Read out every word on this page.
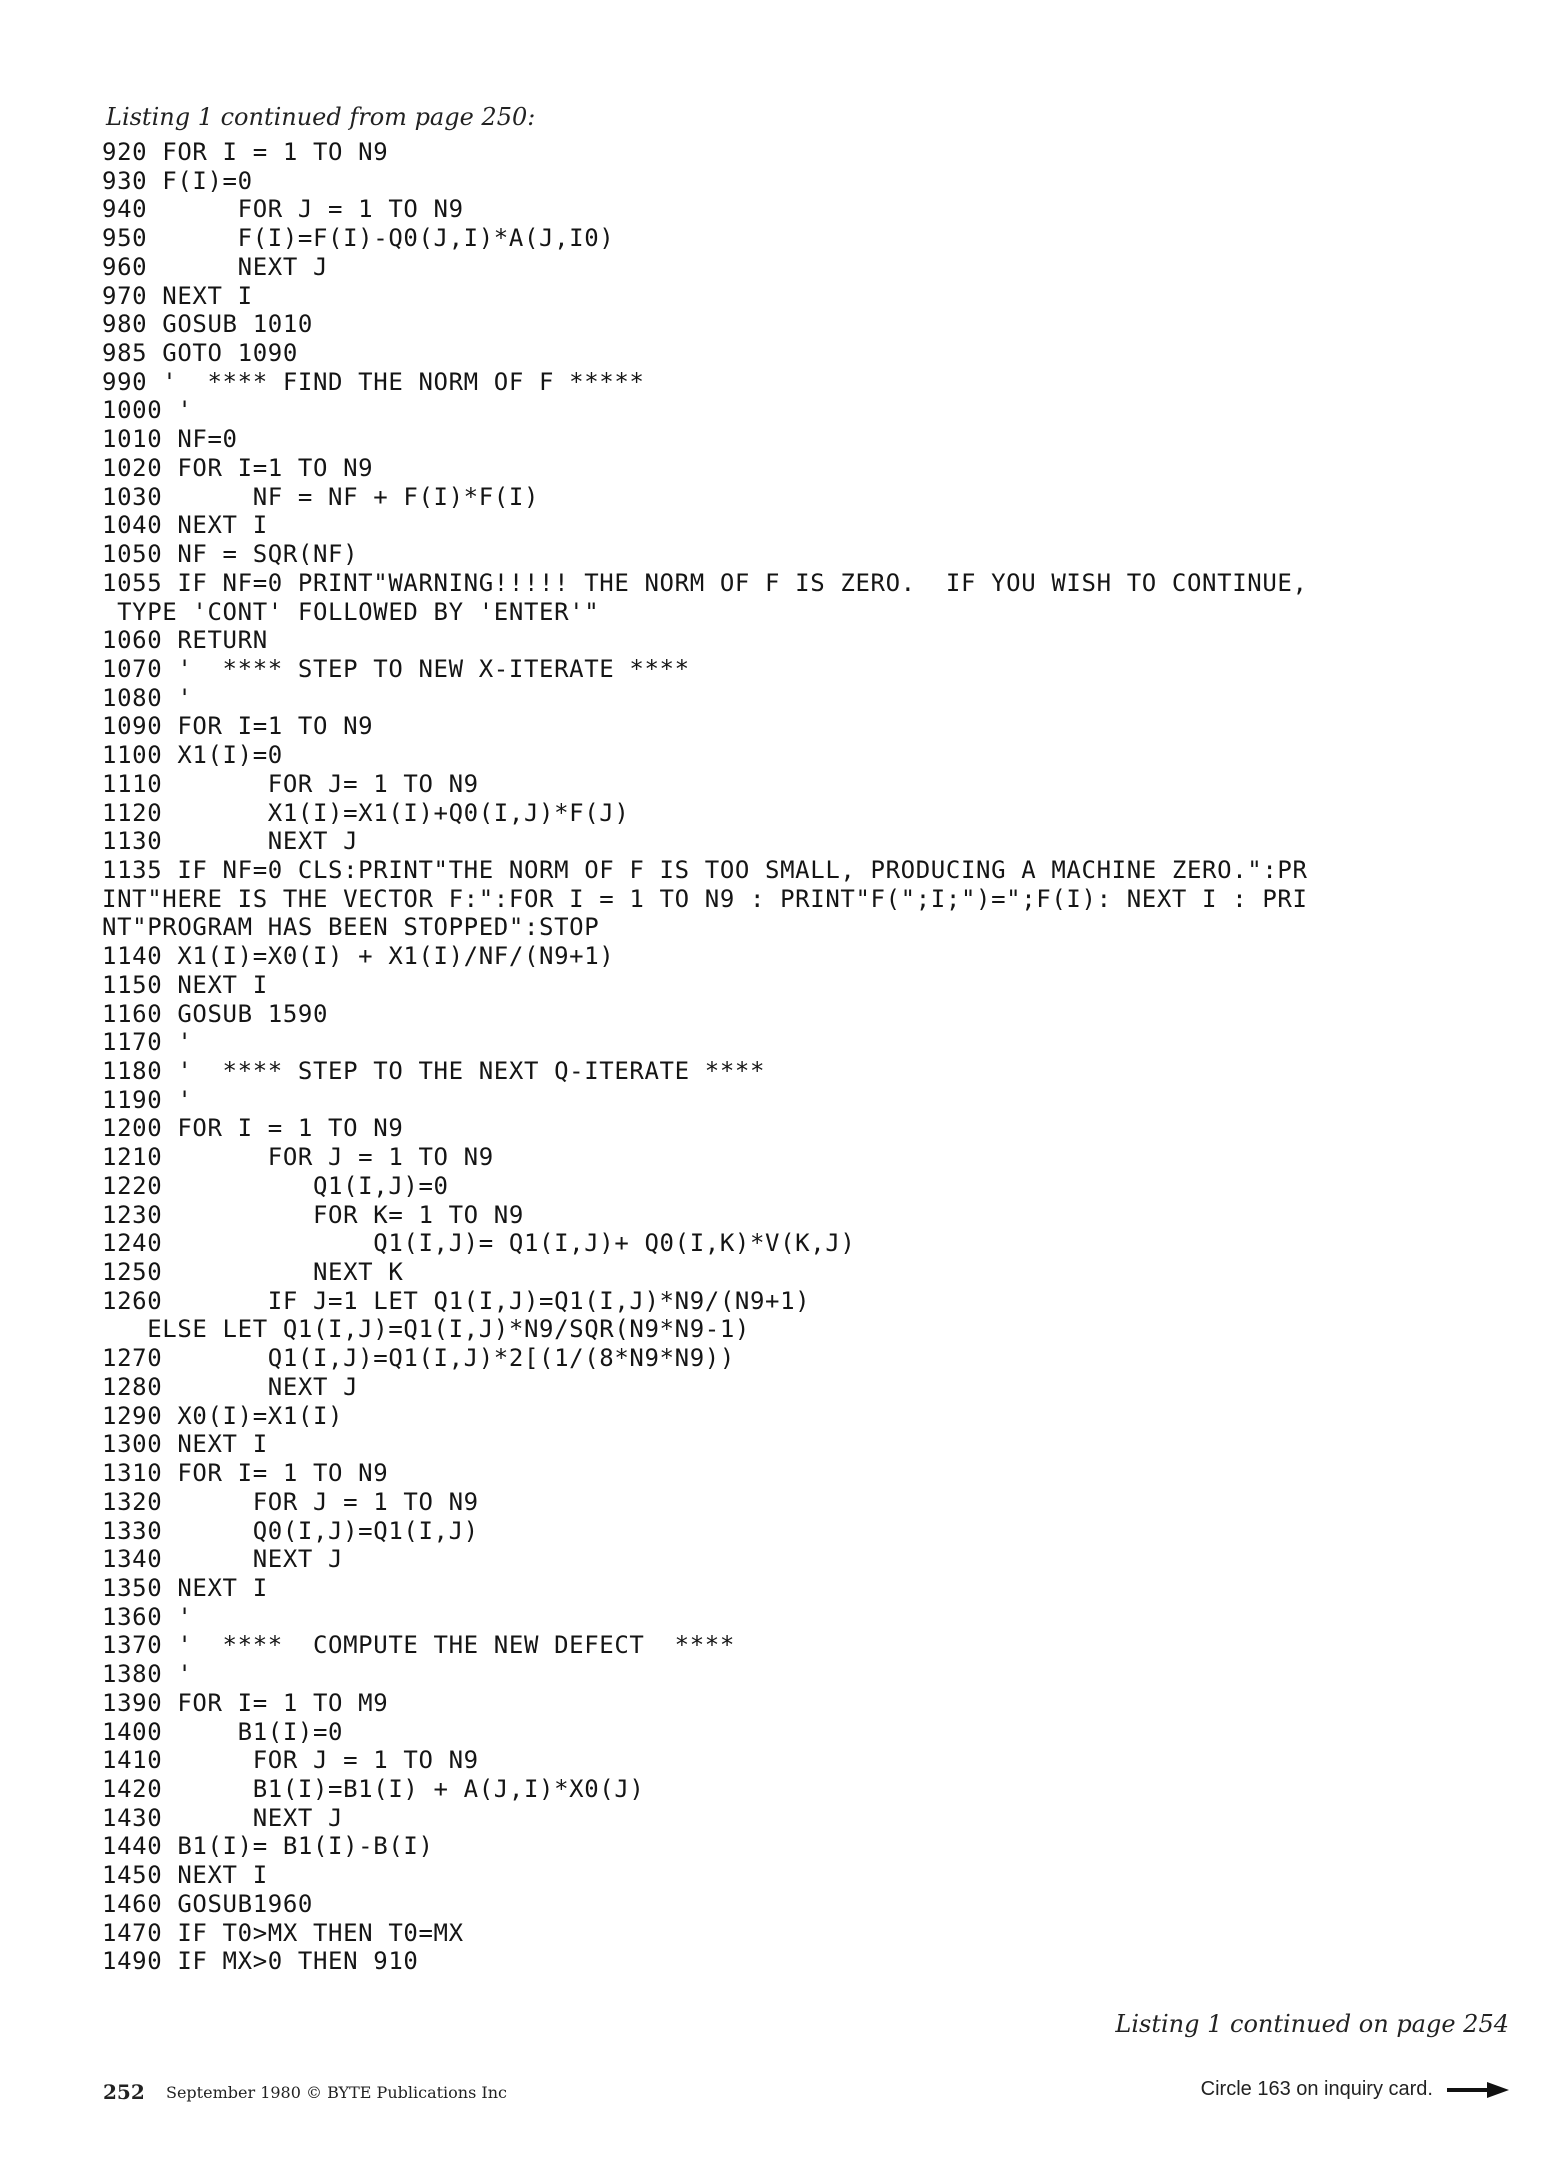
Listing 1 continued from page 250:

920 FOR I = 1 TO N9
930 F(I)=0
940      FOR J = 1 TO N9
950      F(I)=F(I)-Q0(J,I)*A(J,I0)
960      NEXT J
970 NEXT I
980 GOSUB 1010
985 GOTO 1090
990 '  **** FIND THE NORM OF F *****
1000 '
1010 NF=0
1020 FOR I=1 TO N9
1030      NF = NF + F(I)*F(I)
1040 NEXT I
1050 NF = SQR(NF)
1055 IF NF=0 PRINT"WARNING!!!!! THE NORM OF F IS ZERO.  IF YOU WISH TO CONTINUE,
TYPE 'CONT' FOLLOWED BY 'ENTER'"
1060 RETURN
1070 '  **** STEP TO NEW X-ITERATE ****
1080 '
1090 FOR I=1 TO N9
1100 X1(I)=0
1110       FOR J= 1 TO N9
1120       X1(I)=X1(I)+Q0(I,J)*F(J)
1130       NEXT J
1135 IF NF=0 CLS:PRINT"THE NORM OF F IS TOO SMALL, PRODUCING A MACHINE ZERO.":PR
INT"HERE IS THE VECTOR F:":FOR I = 1 TO N9 : PRINT"F(";I;")=";F(I): NEXT I : PRI
NT"PROGRAM HAS BEEN STOPPED":STOP
1140 X1(I)=X0(I) + X1(I)/NF/(N9+1)
1150 NEXT I
1160 GOSUB 1590
1170 '
1180 '  **** STEP TO THE NEXT Q-ITERATE ****
1190 '
1200 FOR I = 1 TO N9
1210       FOR J = 1 TO N9
1220          Q1(I,J)=0
1230          FOR K= 1 TO N9
1240              Q1(I,J)= Q1(I,J)+ Q0(I,K)*V(K,J)
1250          NEXT K
1260       IF J=1 LET Q1(I,J)=Q1(I,J)*N9/(N9+1)
ELSE LET Q1(I,J)=Q1(I,J)*N9/SQR(N9*N9-1)
1270       Q1(I,J)=Q1(I,J)*2[(1/(8*N9*N9))
1280       NEXT J
1290 X0(I)=X1(I)
1300 NEXT I
1310 FOR I= 1 TO N9
1320      FOR J = 1 TO N9
1330      Q0(I,J)=Q1(I,J)
1340      NEXT J
1350 NEXT I
1360 '
1370 '  ****  COMPUTE THE NEW DEFECT  ****
1380 '
1390 FOR I= 1 TO M9
1400     B1(I)=0
1410      FOR J = 1 TO N9
1420      B1(I)=B1(I) + A(J,I)*X0(J)
1430      NEXT J
1440 B1(I)= B1(I)-B(I)
1450 NEXT I
1460 GOSUB1960
1470 IF T0>MX THEN T0=MX
1490 IF MX>0 THEN 910

Listing 1 continued on page 254

252 September 1980 © BYTE Publications Inc	Circle 163 on inquiry card.
